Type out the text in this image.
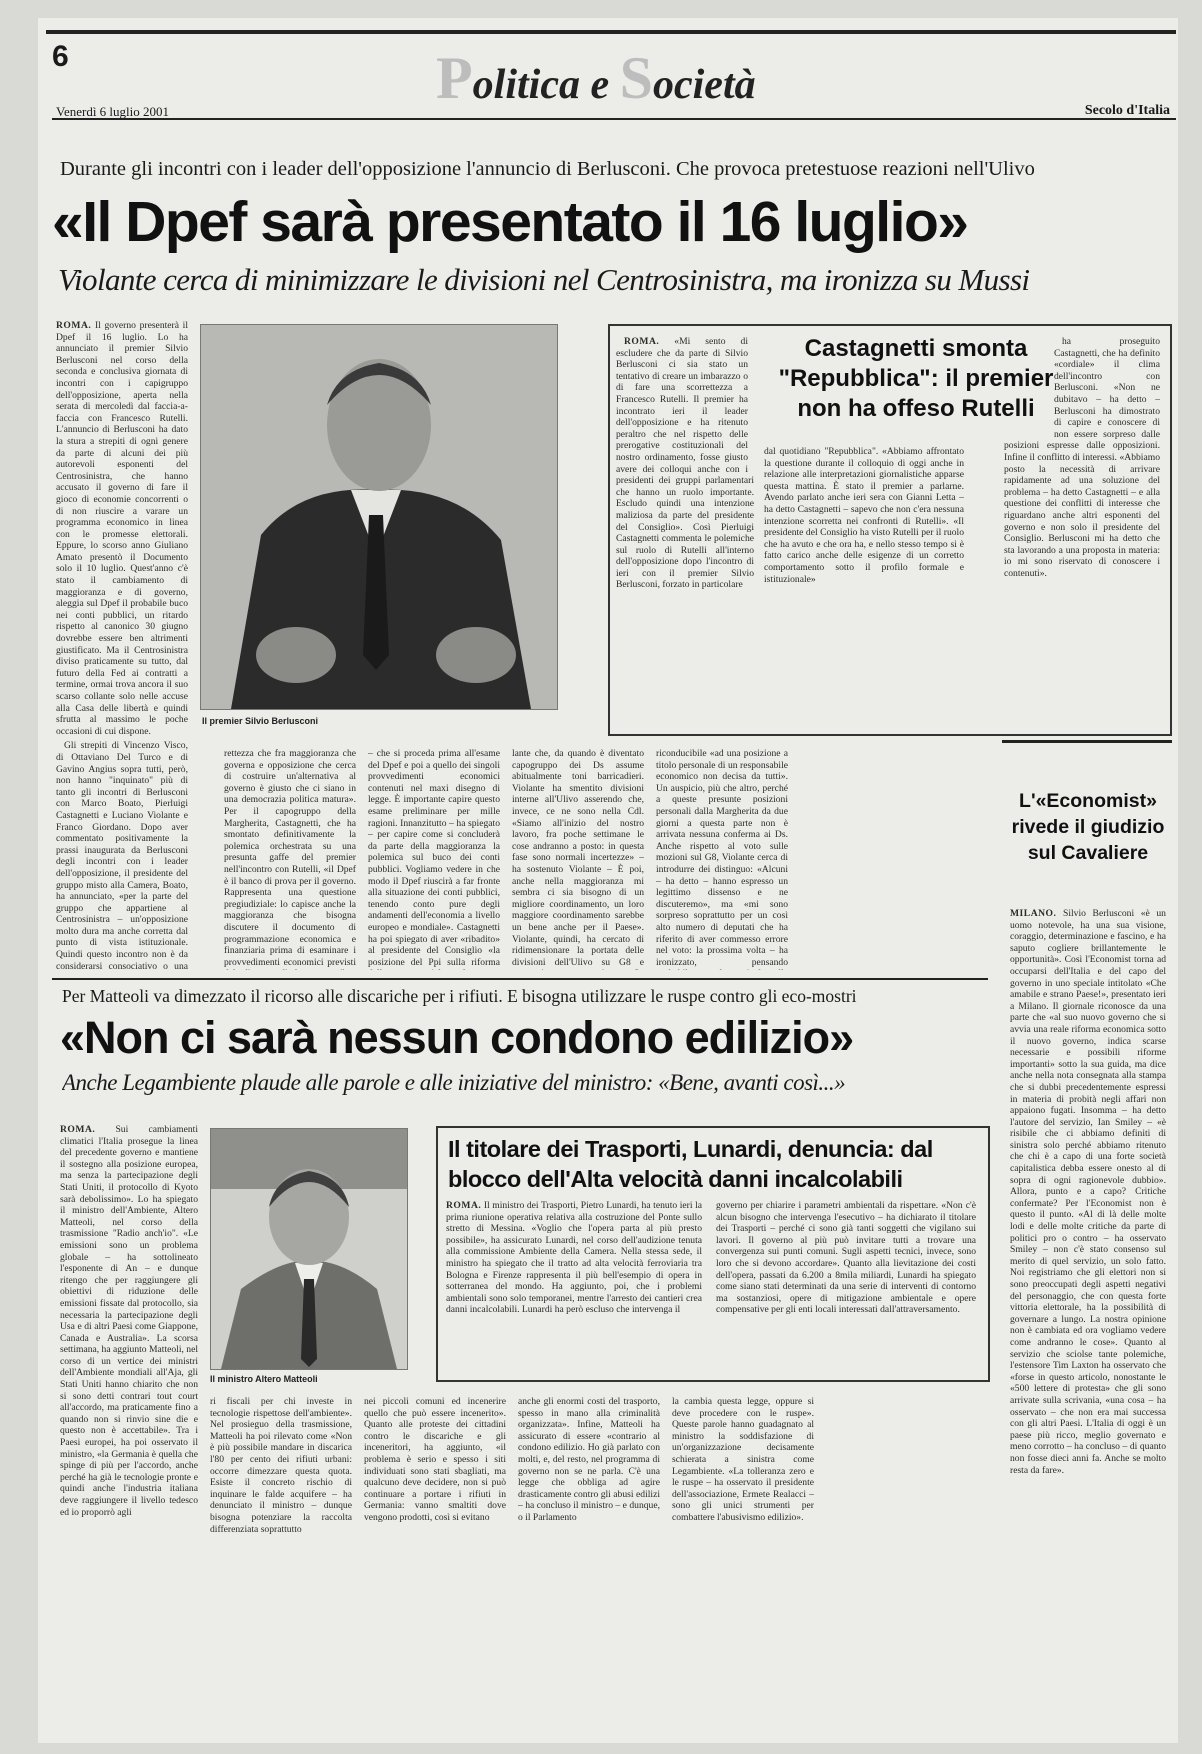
6	Politica e Società
Venerdì 6 luglio 2001	Secolo d'Italia
Durante gli incontri con i leader dell'opposizione l'annuncio di Berlusconi. Che provoca pretestuose reazioni nell'Ulivo
«Il Dpef sarà presentato il 16 luglio»
Violante cerca di minimizzare le divisioni nel Centrosinistra, ma ironizza su Mussi

ROMA. Il governo presenterà il Dpef il 16 luglio. Lo ha annunciato il premier Silvio Berlusconi nel corso della seconda e conclusiva giornata di incontri con i capigruppo dell'opposizione, aperta nella serata di mercoledì dal faccia-a-faccia con Francesco Rutelli. L'annuncio di Berlusconi ha dato la stura a strepiti di ogni genere da parte di alcuni dei più autorevoli esponenti del Centrosinistra, che hanno accusato il governo di fare il gioco di economie concorrenti o di non riuscire a varare un programma economico in linea con le promesse elettorali. Eppure, lo scorso anno Giuliano Amato presentò il Documento solo il 10 luglio. Quest'anno c'è stato il cambiamento di maggioranza e di governo, aleggia sul Dpef il probabile buco nei conti pubblici, un ritardo rispetto al canonico 30 giugno dovrebbe essere ben altrimenti giustificato. Ma il Centrosinistra diviso praticamente su tutto, dal futuro della Fed ai contratti a termine, ormai trova ancora il suo scarso collante solo nelle accuse alla Casa delle libertà e quindi sfrutta al massimo le poche occasioni di cui dispone.

Gli strepiti di Vincenzo Visco, di Ottaviano Del Turco e di Gavino Angius sopra tutti, però, non hanno "inquinato" più di tanto gli incontri di Berlusconi con Marco Boato, Pierluigi Castagnetti e Luciano Violante e Franco Giordano. Dopo aver commentato positivamente la prassi inaugurata da Berlusconi degli incontri con i leader dell'opposizione, il presidente del gruppo misto alla Camera, Boato, ha annunciato, «per la parte del gruppo che appartiene al Centrosinistra – un'opposizione molto dura ma anche corretta dal punto di vista istituzionale. Quindi questo incontro non è da considerarsi consociativo o una

Il premier Silvio Berlusconi

ROMA. «Mi sento di escludere che da parte di Silvio Berlusconi ci sia stato un tentativo di creare un imbarazzo o di fare una scorrettezza a Francesco Rutelli. Il premier ha incontrato ieri il leader dell'opposizione e ha ritenuto peraltro che nel rispetto delle prerogative costituzionali del nostro ordinamento, fosse giusto avere dei colloqui anche con i presidenti dei gruppi parlamentari che hanno un ruolo importante. Escludo quindi una intenzione maliziosa da parte del presidente del Consiglio». Così Pierluigi Castagnetti commenta le polemiche sul ruolo di Rutelli all'interno dell'opposizione dopo l'incontro di ieri con il premier Silvio Berlusconi, forzato in particolare

Castagnetti smonta "Repubblica": il premier non ha offeso Rutelli

dal quotidiano "Repubblica". «Abbiamo affrontato la questione durante il colloquio di oggi anche in relazione alle interpretazioni giornalistiche apparse questa mattina. È stato il premier a parlarne. Avendo parlato anche ieri sera con Gianni Letta – ha detto Castagnetti – sapevo che non c'era nessuna intenzione scorretta nei confronti di Rutelli». «Il presidente del Consiglio ha visto Rutelli per il ruolo che ha avuto e che ora ha, e nello stesso tempo si è fatto carico anche delle esigenze di un corretto comportamento sotto il profilo formale e istituzionale»

ha proseguito Castagnetti, che ha definito «cordiale» il clima dell'incontro con Berlusconi. «Non ne dubitavo – ha detto – Berlusconi ha dimostrato di capire e conoscere di non essere sorpreso dalle posizioni espresse dalle opposizioni. Infine il conflitto di interessi. «Abbiamo posto la necessità di arrivare rapidamente ad una soluzione del problema – ha detto Castagnetti – e alla questione dei conflitti di interesse che riguardano anche altri esponenti del governo e non solo il presidente del Consiglio. Berlusconi mi ha detto che sta lavorando a una proposta in materia: io mi sono riservato di conoscere i contenuti».

rettezza che fra maggioranza che governa e opposizione che cerca di costruire un'alternativa al governo è giusto che ci siano in una democrazia politica matura». Per il capogruppo della Margherita, Castagnetti, che ha smontato definitivamente la polemica orchestrata su una presunta gaffe del premier nell'incontro con Rutelli, «il Dpef è il banco di prova per il governo. Rappresenta una questione pregiudiziale: lo capisce anche la maggioranza che bisogna discutere il documento di programmazione economica e finanziaria prima di esaminare i provvedimenti economici previsti

– che si proceda prima all'esame del Dpef e poi a quello dei singoli provvedimenti economici contenuti nel maxi disegno di legge. È importante capire questo esame preliminare per mille ragioni. Innanzitutto – ha spiegato – per capire come si concluderà da parte della maggioranza la polemica sul buco dei conti pubblici. Vogliamo vedere in che modo il Dpef riuscirà a far fronte alla situazione dei conti pubblici, tenendo conto pure degli andamenti dell'economia a livello europeo e mondiale». Castagnetti ha poi spiegato di aver «ribadito» al presidente del Consiglio «la posizione del Ppi sulla riforma

lante che, da quando è diventato capogruppo dei Ds assume abitualmente toni barricadieri. Violante ha smentito divisioni interne all'Ulivo asserendo che, invece, ce ne sono nella Cdl. «Siamo all'inizio del nostro lavoro, fra poche settimane le cose andranno a posto: in questa fase sono normali incertezze» – ha sostenuto Violante – È poi, anche nella maggioranza mi sembra ci sia bisogno di un migliore coordinamento, un loro maggiore coordinamento sarebbe un bene anche per il Paese». Violante, quindi, ha cercato di ridimensionare la portata delle divisioni dell'Ulivo su G8 e

riconducibile «ad una posizione a titolo personale di un responsabile economico non decisa da tutti». Un auspicio, più che altro, perché a queste presunte posizioni personali dalla Margherita da due giorni a questa parte non è arrivata nessuna conferma ai Ds. Anche rispetto al voto sulle mozioni sul G8, Violante cerca di introdurre dei distinguo: «Alcuni – ha detto – hanno espresso un legittimo dissenso e ne discuteremo», ma «mi sono sorpreso soprattutto per un così alto numero di deputati che ha riferito di aver commesso errore nel voto: la prossima volta – ha ironizzato, pensando

L'«Economist» rivede il giudizio sul Cavaliere

MILANO. Silvio Berlusconi «è un uomo notevole, ha una sua visione, coraggio, determinazione e fascino, e ha saputo cogliere brillantemente le opportunità». Così l'Economist torna ad occuparsi dell'Italia e del capo del governo in uno speciale intitolato «Che amabile e strano Paese!», presentato ieri a Milano. Il giornale riconosce da una parte che «al suo nuovo governo che si avvia una reale riforma economica sotto il nuovo governo, indica scarse necessarie e possibili riforme importanti» sotto la sua guida, ma dice anche nella nota consegnata alla stampa che si dubbi precedentemente espressi in materia di probità negli affari non appaiono fugati. Insomma – ha detto l'autore del servizio, Ian Smiley – «è risibile che ci abbiamo definiti di sinistra solo perché abbiamo ritenuto che chi è a capo di una forte società capitalistica debba essere onesto al di sopra di ogni ragionevole dubbio». Allora, punto e a capo? Critiche confermate? Per l'Economist non è questo il punto. «Al di là delle molte lodi e delle molte critiche da parte di politici pro o contro – ha osservato Smiley – non c'è stato consenso sul merito di quel servizio, un solo fatto. Noi registriamo che gli elettori non si sono preoccupati degli aspetti negativi del personaggio, che con questa forte vittoria elettorale, ha la possibilità di governare a lungo. La nostra opinione non è cambiata ed ora vogliamo vedere come andranno le cose». Quanto al servizio che sciolse tante polemiche, l'estensore Tim Laxton ha osservato che «forse in questo articolo, nonostante le «500 lettere di protesta» che gli sono arrivate sulla scrivania, «una cosa – ha osservato – che non era mai successa con gli altri Paesi. L'Italia di oggi è un paese più ricco, meglio governato e meno corrotto – ha concluso – di quanto non fosse dieci anni fa. Anche se molto resta da fare».

Per Matteoli va dimezzato il ricorso alle discariche per i rifiuti. E bisogna utilizzare le ruspe contro gli eco-mostri
«Non ci sarà nessun condono edilizio»
Anche Legambiente plaude alle parole e alle iniziative del ministro: «Bene, avanti così...»

ROMA. Sui cambiamenti climatici l'Italia prosegue la linea del precedente governo e mantiene il sostegno alla posizione europea, ma senza la partecipazione degli Stati Uniti, il protocollo di Kyoto sarà debolissimo». Lo ha spiegato il ministro dell'Ambiente, Altero Matteoli, nel corso della trasmissione "Radio anch'io". «Le emissioni sono un problema globale – ha sottolineato l'esponente di An – e dunque ritengo che per raggiungere gli obiettivi di riduzione delle emissioni fissate dal protocollo, sia necessaria la partecipazione degli Usa e di altri Paesi come Giappone, Canada e Australia». La scorsa settimana, ha aggiunto Matteoli, nel corso di un vertice dei ministri dell'Ambiente mondiali all'Aja, gli Stati Uniti hanno chiarito che non si sono detti contrari tout court all'accordo, ma praticamente fino a quando non si rinvio sine die e questo non è accettabile». Tra i Paesi europei, ha poi osservato il ministro, «la Germania è quella che spinge di più per l'accordo, anche perché ha già le tecnologie pronte e quindi anche l'industria italiana deve raggiungere il livello tedesco ed io proporrò agli

Il ministro Altero Matteoli
Il titolare dei Trasporti, Lunardi, denuncia: dal blocco dell'Alta velocità danni incalcolabili

ROMA. Il ministro dei Trasporti, Pietro Lunardi, ha tenuto ieri la prima riunione operativa relativa alla costruzione del Ponte sullo stretto di Messina. «Voglio che l'opera parta al più presto possibile», ha assicurato Lunardi, nel corso dell'audizione tenuta alla commissione Ambiente della Camera. Nella stessa sede, il ministro ha spiegato che il tratto ad alta velocità ferroviaria tra Bologna e Firenze rappresenta il più bell'esempio di opera in sotterranea del mondo. Ha aggiunto, poi, che i problemi ambientali sono solo temporanei, mentre l'arresto dei cantieri crea danni incalcolabili. Lunardi ha però escluso che intervenga il

governo per chiarire i parametri ambientali da rispettare. «Non c'è alcun bisogno che intervenga l'esecutivo – ha dichiarato il titolare dei Trasporti – perché ci sono già tanti soggetti che vigilano sui lavori. Il governo al più può invitare tutti a trovare una convergenza sui punti comuni. Sugli aspetti tecnici, invece, sono loro che si devono accordare». Quanto alla lievitazione dei costi dell'opera, passati da 6.200 a 8mila miliardi, Lunardi ha spiegato come siano stati determinati da una serie di interventi di contorno ma sostanziosi, opere di mitigazione ambientale e opere compensative per gli enti locali interessati dall'attraversamento.

ri fiscali per chi investe in tecnologie rispettose dell'ambiente». Nel prosieguo della trasmissione, Matteoli ha poi rilevato come «Non è più possibile mandare in discarica l'80 per cento dei rifiuti urbani: occorre dimezzare questa quota. Esiste il concreto rischio di inquinare le falde acquifere – ha denunciato il ministro – dunque bisogna potenziare la raccolta differenziata soprattutto

nei piccoli comuni ed incenerire quello che può essere incenerito». Quanto alle proteste dei cittadini contro le discariche e gli inceneritori, ha aggiunto, «il problema è serio e spesso i siti individuati sono stati sbagliati, ma qualcuno deve decidere, non si può continuare a portare i rifiuti in Germania: vanno smaltiti dove vengono prodotti, così si evitano

anche gli enormi costi del trasporto, spesso in mano alla criminalità organizzata». Infine, Matteoli ha assicurato di essere «contrario al condono edilizio. Ho già parlato con molti, e, del resto, nel programma di governo non se ne parla. C'è una legge che obbliga ad agire drasticamente contro gli abusi edilizi – ha concluso il ministro – e dunque, o il Parlamento

la cambia questa legge, oppure si deve procedere con le ruspe». Queste parole hanno guadagnato al ministro la soddisfazione di un'organizzazione decisamente schierata a sinistra come Legambiente. «La tolleranza zero e le ruspe – ha osservato il presidente dell'associazione, Ermete Realacci – sono gli unici strumenti per combattere l'abusivismo edilizio».
